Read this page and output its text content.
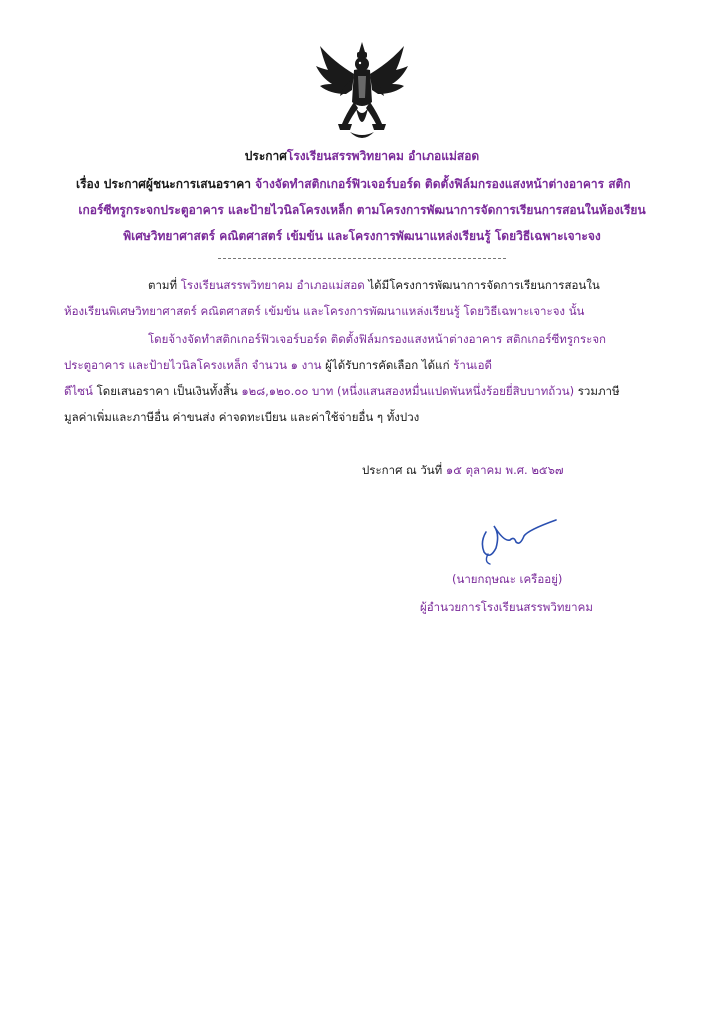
ประกาศโรงเรียนสรรพวิทยาคม อำเภอแม่สอด
เรื่อง ประกาศผู้ชนะการเสนอราคา จ้างจัดทำสติกเกอร์ฟิวเจอร์บอร์ด ติดตั้งฟิล์มกรองแสงหน้าต่างอาคาร สติก
เกอร์ซีทรูกระจกประตูอาคาร และป้ายไวนิลโครงเหล็ก ตามโครงการพัฒนาการจัดการเรียนการสอนในห้องเรียน
พิเศษวิทยาศาสตร์ คณิตศาสตร์ เข้มข้น และโครงการพัฒนาแหล่งเรียนรู้ โดยวิธีเฉพาะเจาะจง
ตามที่ โรงเรียนสรรพวิทยาคม อำเภอแม่สอด ได้มีโครงการพัฒนาการจัดการเรียนการสอนใน
ห้องเรียนพิเศษวิทยาศาสตร์ คณิตศาสตร์ เข้มข้น และโครงการพัฒนาแหล่งเรียนรู้ โดยวิธีเฉพาะเจาะจง นั้น
โดยจ้างจัดทำสติกเกอร์ฟิวเจอร์บอร์ด ติดตั้งฟิล์มกรองแสงหน้าต่างอาคาร สติกเกอร์ซีทรูกระจก
ประตูอาคาร และป้ายไวนิลโครงเหล็ก จำนวน ๑ งาน ผู้ได้รับการคัดเลือก ได้แก่ ร้านเอดี
ดีไซน์ โดยเสนอราคา เป็นเงินทั้งสิ้น ๑๒๘,๑๒๐.๐๐ บาท (หนึ่งแสนสองหมื่นแปดพันหนึ่งร้อยยี่สิบบาทถ้วน) รวมภาษี
มูลค่าเพิ่มและภาษีอื่น ค่าขนส่ง ค่าจดทะเบียน และค่าใช้จ่ายอื่น ๆ ทั้งปวง
ประกาศ ณ วันที่ ๑๕ ตุลาคม พ.ศ. ๒๕๖๗
(นายกฤษณะ เครืออยู่)
ผู้อำนวยการโรงเรียนสรรพวิทยาคม
